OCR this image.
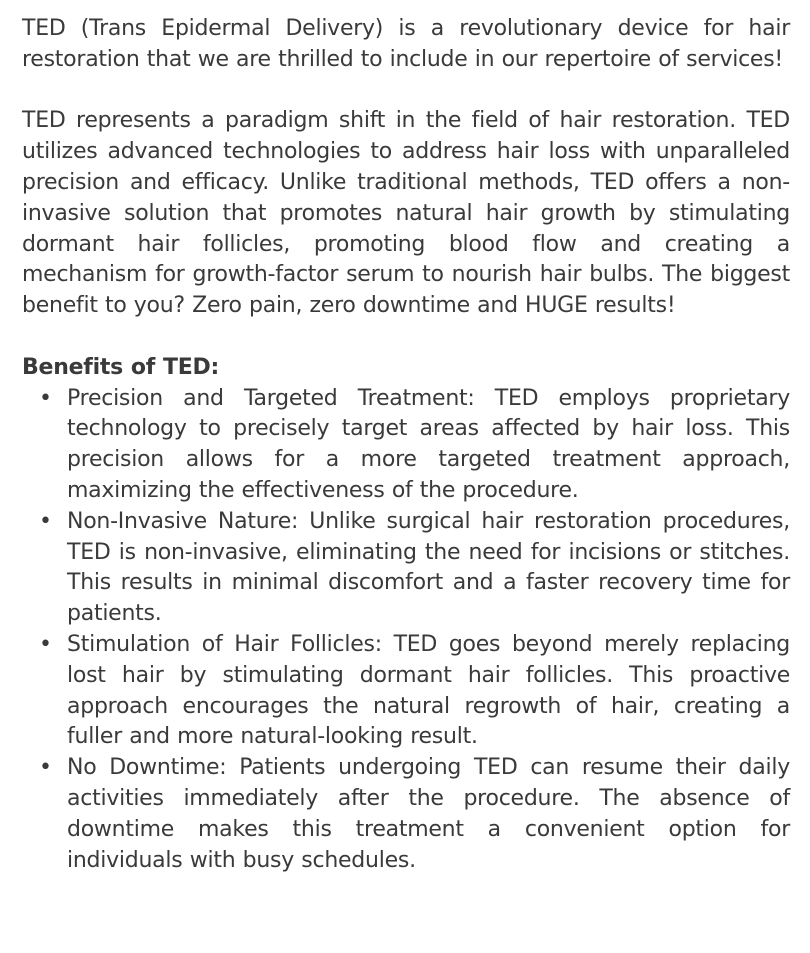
TED (Trans Epidermal Delivery) is a revolutionary device for hair restoration that we are thrilled to include in our repertoire of services!

TED represents a paradigm shift in the field of hair restoration. TED utilizes advanced technologies to address hair loss with unparalleled precision and efficacy. Unlike traditional methods, TED offers a non-invasive solution that promotes natural hair growth by stimulating dormant hair follicles, promoting blood flow and creating a mechanism for growth-factor serum to nourish hair bulbs. The biggest benefit to you? Zero pain, zero downtime and HUGE results!

Benefits of TED:

• Precision and Targeted Treatment: TED employs proprietary technology to precisely target areas affected by hair loss. This precision allows for a more targeted treatment approach, maximizing the effectiveness of the procedure.
• Non-Invasive Nature: Unlike surgical hair restoration procedures, TED is non-invasive, eliminating the need for incisions or stitches. This results in minimal discomfort and a faster recovery time for patients.
• Stimulation of Hair Follicles: TED goes beyond merely replacing lost hair by stimulating dormant hair follicles. This proactive approach encourages the natural regrowth of hair, creating a fuller and more natural-looking result.
• No Downtime: Patients undergoing TED can resume their daily activities immediately after the procedure. The absence of downtime makes this treatment a convenient option for individuals with busy schedules.
